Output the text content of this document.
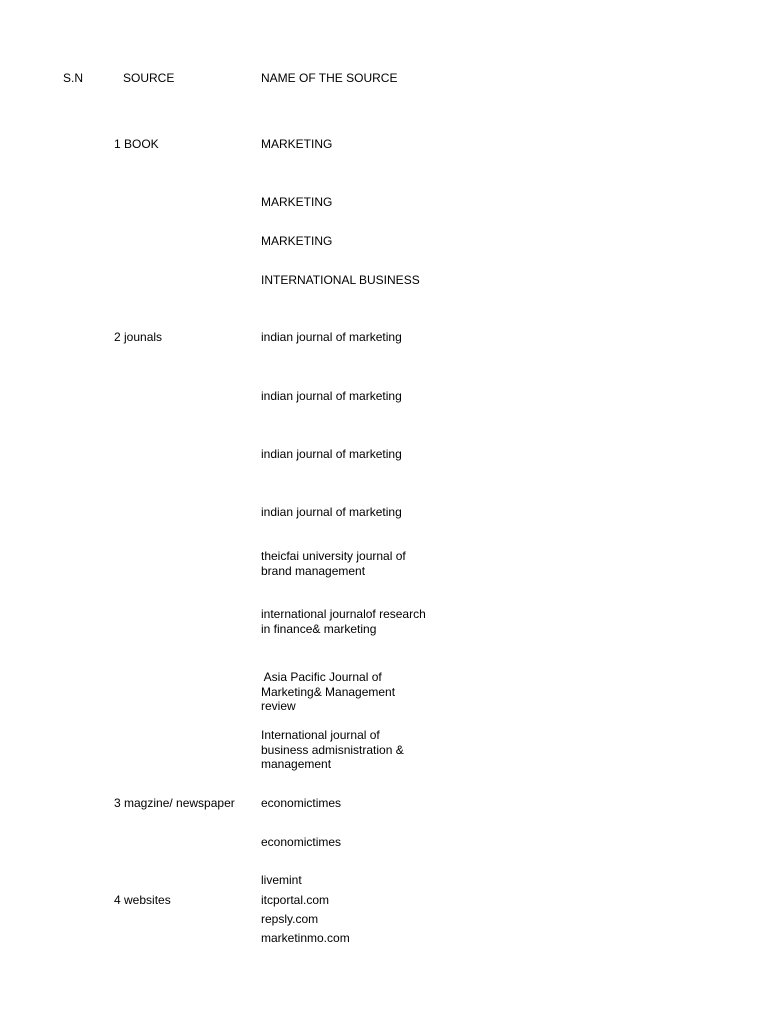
S.N	SOURCE	NAME OF THE SOURCE
1 BOOK
2 jounals
3 magzine/ newspaper
4 websites
MARKETING
MARKETING
MARKETING
INTERNATIONAL BUSINESS
indian journal of marketing
indian journal of marketing
indian journal of marketing
indian journal of marketing
theicfai university journal of
brand management
international journalof research
in finance& marketing
Asia Pacific Journal of
Marketing& Management
review
International journal of
business admisnistration &
management
economictimes
economictimes
livemint
itcportal.com
repsly.com
marketinmo.com
